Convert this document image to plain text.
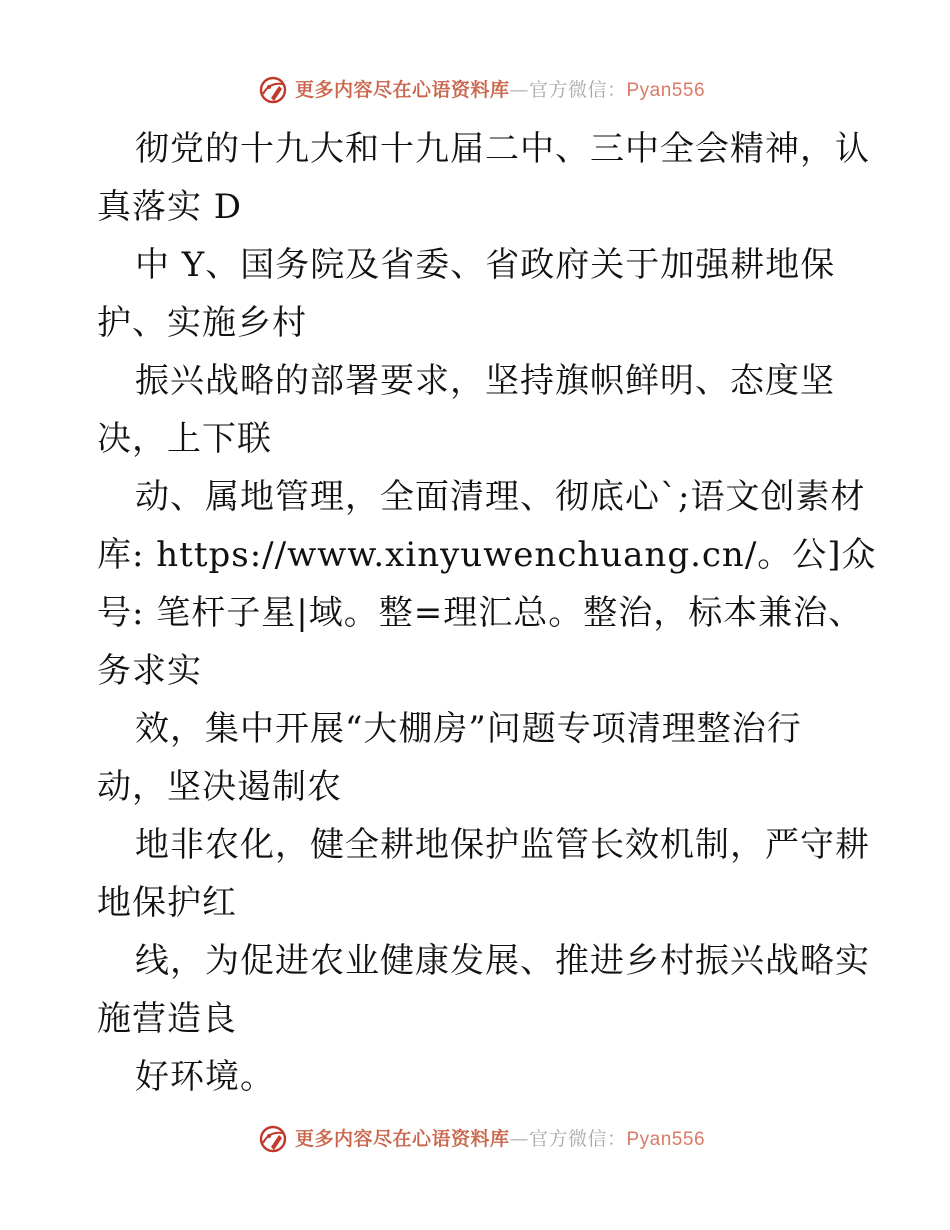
更多内容尽在心语资料库—官方微信：Pyan556
彻党的十九大和十九届二中、三中全会精神，认
真落实 D
中 Y、国务院及省委、省政府关于加强耕地保
护、实施乡村
振兴战略的部署要求，坚持旗帜鲜明、态度坚
决，上下联
动、属地管理，全面清理、彻底心`;语文创素材
库: https://www.xinyuwenchuang.cn/。公]众
号: 笔杆子星|域。整=理汇总。整治，标本兼治、
务求实
效，集中开展“大棚房”问题专项清理整治行
动，坚决遏制农
地非农化，健全耕地保护监管长效机制，严守耕
地保护红
线，为促进农业健康发展、推进乡村振兴战略实
施营造良
好环境。
更多内容尽在心语资料库—官方微信：Pyan556
